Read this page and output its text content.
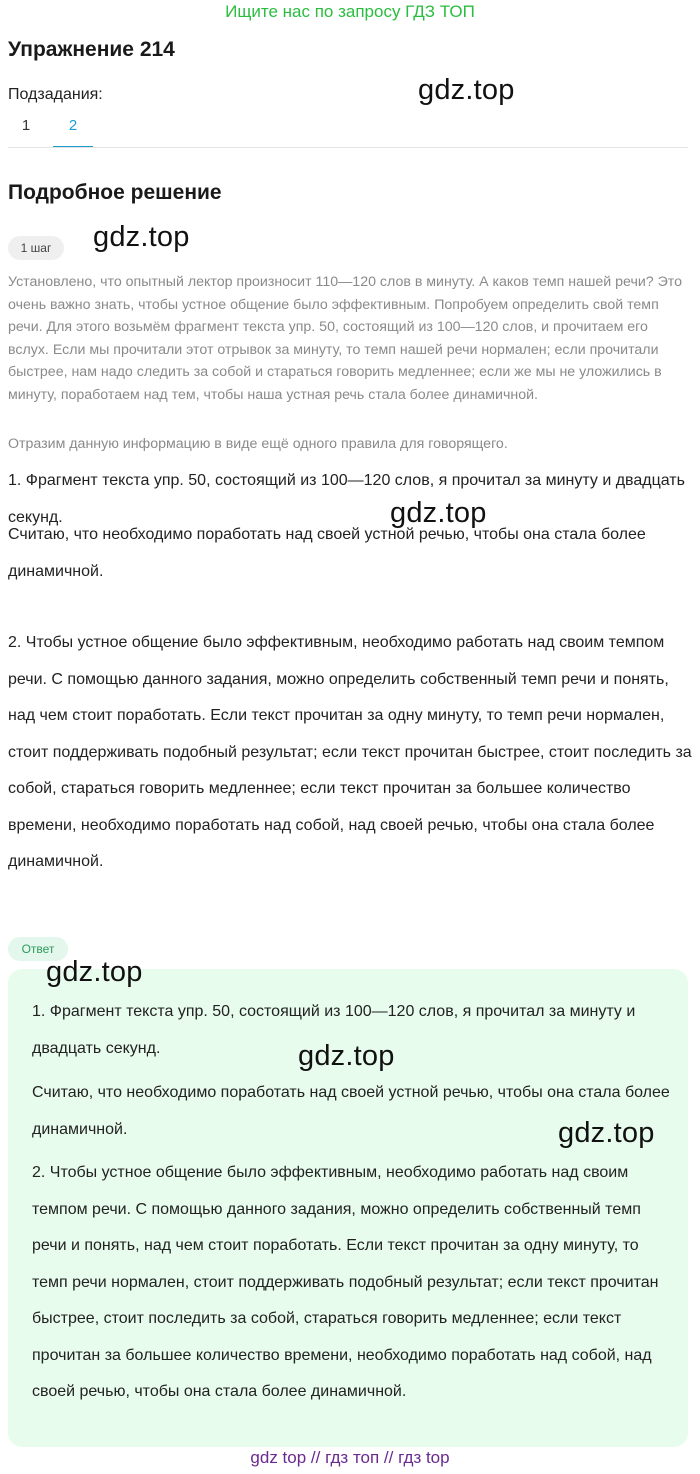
Ищите нас по запросу ГДЗ ТОП
Упражнение 214
Подзадания:
1	2
Подробное решение
1 шаг

Установлено, что опытный лектор произносит 110—120 слов в минуту. А каков темп нашей речи? Это очень важно знать, чтобы устное общение было эффективным. Попробуем определить свой темп речи. Для этого возьмём фрагмент текста упр. 50, состоящий из 100—120 слов, и прочитаем его вслух. Если мы прочитали этот отрывок за минуту, то темп нашей речи нормален; если прочитали быстрее, нам надо следить за собой и стараться говорить медленнее; если же мы не уложились в минуту, поработаем над тем, чтобы наша устная речь стала более динамичной.

Отразим данную информацию в виде ещё одного правила для говорящего.

1. Фрагмент текста упр. 50, состоящий из 100—120 слов, я прочитал за минуту и двадцать секунд.

Считаю, что необходимо поработать над своей устной речью, чтобы она стала более динамичной.

2. Чтобы устное общение было эффективным, необходимо работать над своим темпом речи. С помощью данного задания, можно определить собственный темп речи и понять, над чем стоит поработать. Если текст прочитан за одну минуту, то темп речи нормален, стоит поддерживать подобный результат; если текст прочитан быстрее, стоит последить за собой, стараться говорить медленнее; если текст прочитан за большее количество времени, необходимо поработать над собой, над своей речью, чтобы она стала более динамичной.

Ответ

1. Фрагмент текста упр. 50, состоящий из 100—120 слов, я прочитал за минуту и двадцать секунд.

Считаю, что необходимо поработать над своей устной речью, чтобы она стала более динамичной.

2. Чтобы устное общение было эффективным, необходимо работать над своим темпом речи. С помощью данного задания, можно определить собственный темп речи и понять, над чем стоит поработать. Если текст прочитан за одну минуту, то темп речи нормален, стоит поддерживать подобный результат; если текст прочитан быстрее, стоит последить за собой, стараться говорить медленнее; если текст прочитан за большее количество времени, необходимо поработать над собой, над своей речью, чтобы она стала более динамичной.

gdz.top
gdz.top
gdz.top
gdz.top
gdz.top
gdz.top
gdz top // гдз топ // гдз top
